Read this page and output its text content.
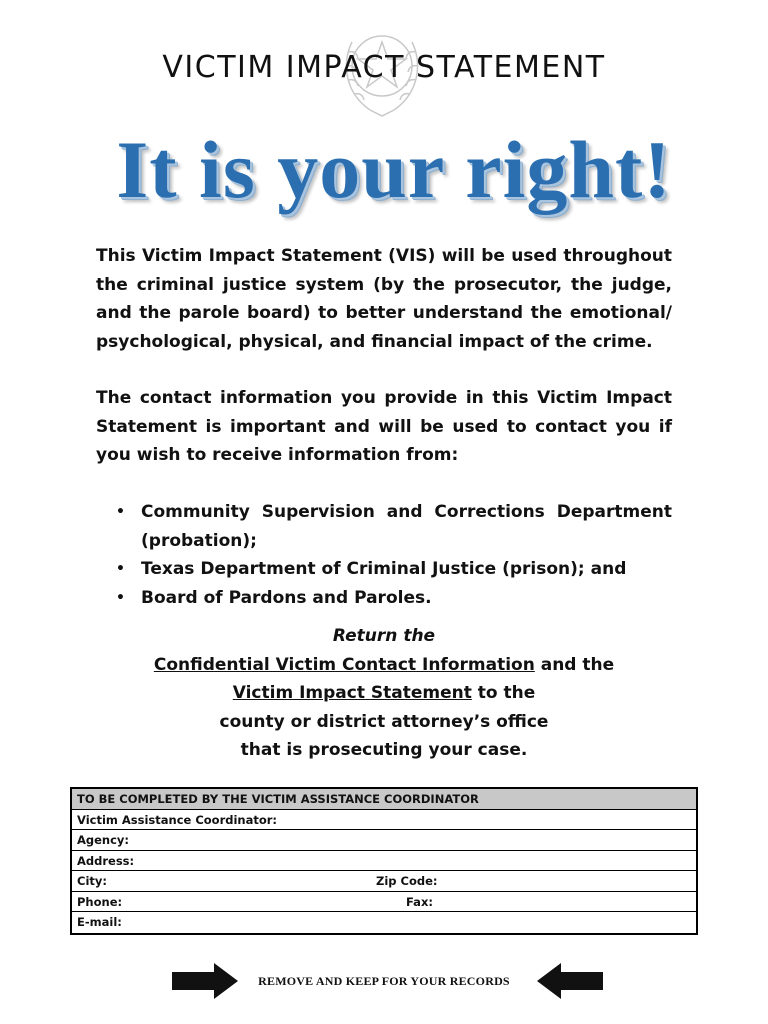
VICTIM IMPACT STATEMENT
It is your right!
This Victim Impact Statement (VIS) will be used throughout the criminal justice system (by the prosecutor, the judge, and the parole board) to better understand the emotional/ psychological, physical, and financial impact of the crime.
The contact information you provide in this Victim Impact Statement is important and will be used to contact you if you wish to receive information from:
• Community Supervision and Corrections Department (probation);
• Texas Department of Criminal Justice (prison); and
• Board of Pardons and Paroles.
Return the
Confidential Victim Contact Information and the
Victim Impact Statement to the
county or district attorney’s office
that is prosecuting your case.
TO BE COMPLETED BY THE VICTIM ASSISTANCE COORDINATOR
Victim Assistance Coordinator:
Agency:
Address:
City:	Zip Code:
Phone:	Fax:
E-mail:
REMOVE AND KEEP FOR YOUR RECORDS
